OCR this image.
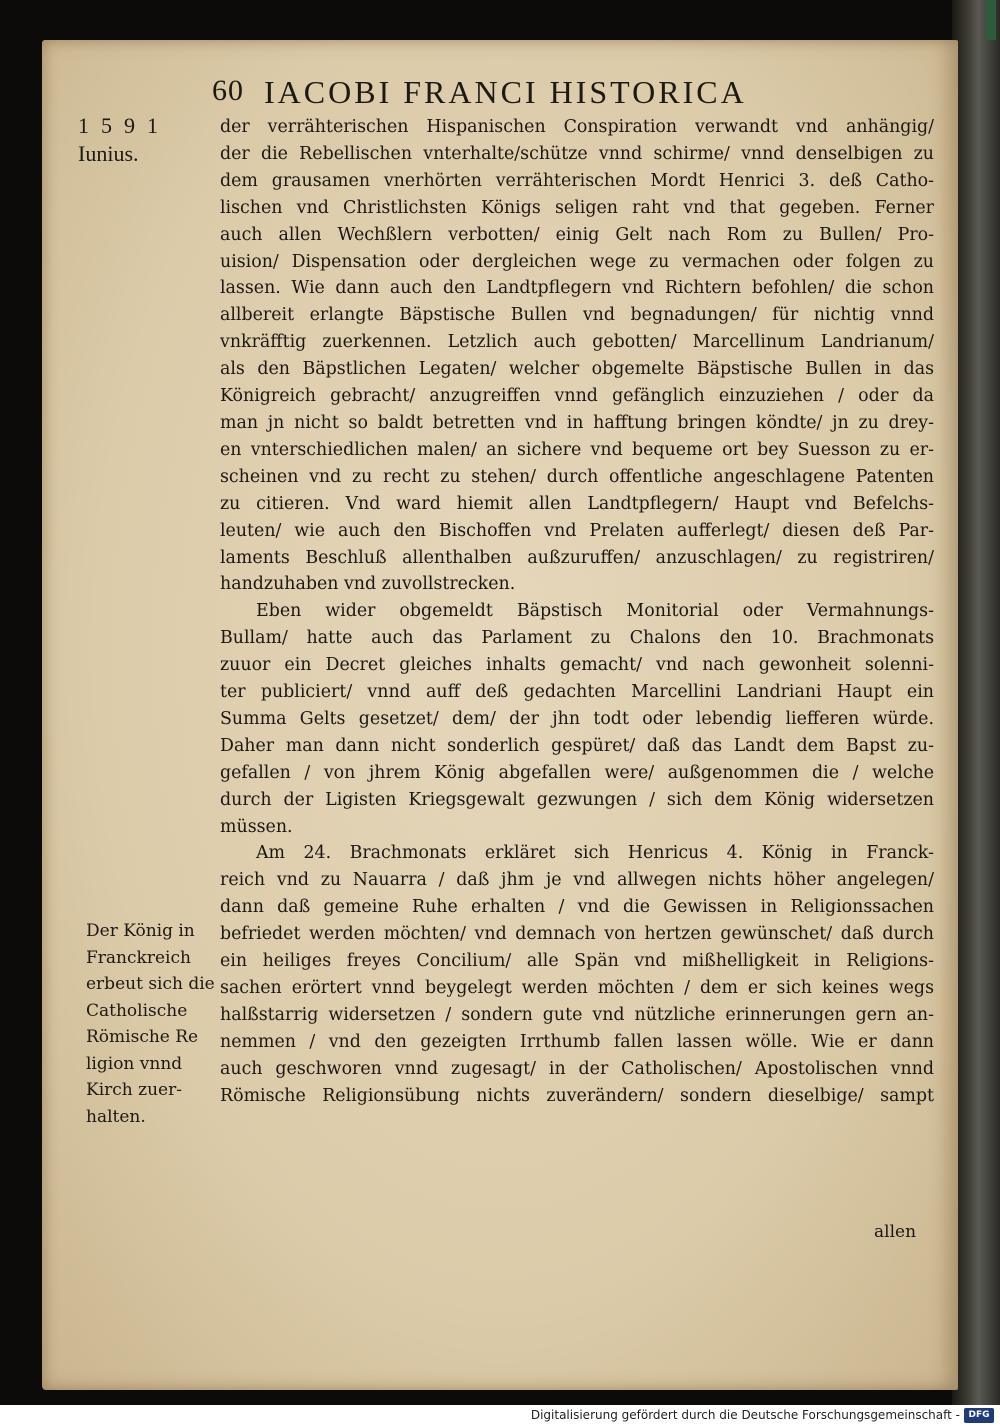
60 IACOBI FRANCI HISTORICA
1591
Iunius.
der verrähterischen Hispanischen Conspiration verwandt vnd anhängig/
der die Rebellischen vnterhalte/schütze vnnd schirme/ vnnd denselbigen zu
dem grausamen vnerhörten verrähterischen Mordt Henrici 3. deß Catho-
lischen vnd Christlichsten Königs seligen raht vnd that gegeben. Ferner
auch allen Wechßlern verbotten/ einig Gelt nach Rom zu Bullen/ Pro-
uision/ Dispensation oder dergleichen wege zu vermachen oder folgen zu
lassen. Wie dann auch den Landtpflegern vnd Richtern befohlen/ die schon
allbereit erlangte Bäpstische Bullen vnd begnadungen/ für nichtig vnnd
vnkräfftig zuerkennen. Letzlich auch gebotten/ Marcellinum Landrianum/
als den Bäpstlichen Legaten/ welcher obgemelte Bäpstische Bullen in das
Königreich gebracht/ anzugreiffen vnnd gefänglich einzuziehen / oder da
man jn nicht so baldt betretten vnd in hafftung bringen köndte/ jn zu drey-
en vnterschiedlichen malen/ an sichere vnd bequeme ort bey Suesson zu er-
scheinen vnd zu recht zu stehen/ durch offentliche angeschlagene Patenten
zu citieren. Vnd ward hiemit allen Landtpflegern/ Haupt vnd Befelchs-
leuten/ wie auch den Bischoffen vnd Prelaten aufferlegt/ diesen deß Par-
laments Beschluß allenthalben außzuruffen/ anzuschlagen/ zu registriren/
handzuhaben vnd zuvollstrecken.
Eben wider obgemeldt Bäpstisch Monitorial oder Vermahnungs-
Bullam/ hatte auch das Parlament zu Chalons den 10. Brachmonats
zuuor ein Decret gleiches inhalts gemacht/ vnd nach gewonheit solenni-
ter publiciert/ vnnd auff deß gedachten Marcellini Landriani Haupt ein
Summa Gelts gesetzet/ dem/ der jhn todt oder lebendig liefferen würde.
Daher man dann nicht sonderlich gespüret/ daß das Landt dem Bapst zu-
gefallen / von jhrem König abgefallen were/ außgenommen die / welche
durch der Ligisten Kriegsgewalt gezwungen / sich dem König widersetzen
müssen.
Am 24. Brachmonats erkläret sich Henricus 4. König in Franck-
reich vnd zu Nauarra / daß jhm je vnd allwegen nichts höher angelegen/
dann daß gemeine Ruhe erhalten / vnd die Gewissen in Religionssachen
befriedet werden möchten/ vnd demnach von hertzen gewünschet/ daß durch
ein heiliges freyes Concilium/ alle Spän vnd mißhelligkeit in Religions-
sachen erörtert vnnd beygelegt werden möchten / dem er sich keines wegs
halßstarrig widersetzen / sondern gute vnd nützliche erinnerungen gern an-
nemmen / vnd den gezeigten Irrthumb fallen lassen wölle. Wie er dann
auch geschworen vnnd zugesagt/ in der Catholischen/ Apostolischen vnnd
Römische Religionsübung nichts zuverändern/ sondern dieselbige/ sampt
Der König in
Franckreich
erbeut sich die
Catholische
Römische Re
ligion vnnd
Kirch zuer-
halten.
allen
Digitalisierung gefördert durch die Deutsche Forschungsgemeinschaft - DFG
